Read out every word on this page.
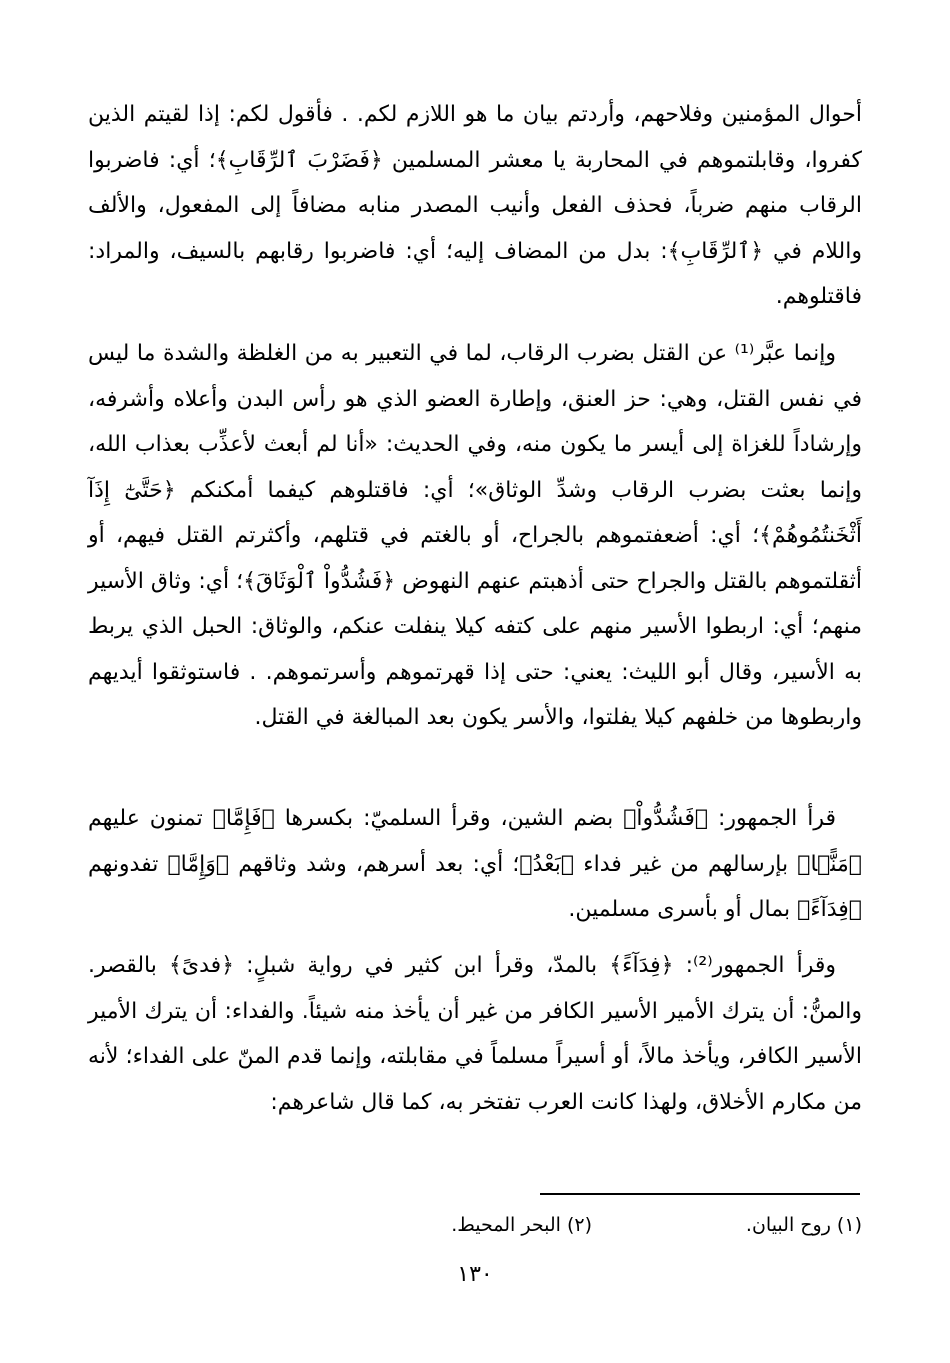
أحوال المؤمنين وفلاحهم، وأردتم بيان ما هو اللازم لكم. . فأقول لكم: إذا لقيتم الذين كفروا، وقابلتموهم في المحاربة يا معشر المسلمين ﴿فَضَرْبَ ٱلرِّقَابِ﴾؛ أي: فاضربوا الرقاب منهم ضرباً، فحذف الفعل وأنيب المصدر منابه مضافاً إلى المفعول، والألف واللام في ﴿ٱلرِّقَابِ﴾: بدل من المضاف إليه؛ أي: فاضربوا رقابهم بالسيف، والمراد: فاقتلوهم.

وإنما عبَّر⁽¹⁾ عن القتل بضرب الرقاب، لما في التعبير به من الغلظة والشدة ما ليس في نفس القتل، وهي: حز العنق، وإطارة العضو الذي هو رأس البدن وأعلاه وأشرفه، وإرشاداً للغزاة إلى أيسر ما يكون منه، وفي الحديث: «أنا لم أبعث لأعذِّب بعذاب الله، وإنما بعثت بضرب الرقاب وشدِّ الوثاق»؛ أي: فاقتلوهم كيفما أمكنكم ﴿حَتَّىٰٓ إِذَآ أَثْخَنتُمُوهُمْ﴾؛ أي: أضعفتموهم بالجراح، أو بالغتم في قتلهم، وأكثرتم القتل فيهم، أو أثقلتموهم بالقتل والجراح حتى أذهبتم عنهم النهوض ﴿فَشُدُّواْ ٱلْوَثَاقَ﴾؛ أي: وثاق الأسير منهم؛ أي: اربطوا الأسير منهم على كتفه كيلا ينفلت عنكم، والوثاق: الحبل الذي يربط به الأسير، وقال أبو الليث: يعني: حتى إذا قهرتموهم وأسرتموهم. . فاستوثقوا أيديهم واربطوها من خلفهم كيلا يفلتوا، والأسر يكون بعد المبالغة في القتل.

قرأ الجمهور: ﴿فَشُدُّواْ﴾ بضم الشين، وقرأ السلميّ: بكسرها ﴿فَإِمَّا﴾ تمنون عليهم ﴿مَنًّۢا﴾ بإرسالهم من غير فداء ﴿بَعْدُ﴾؛ أي: بعد أسرهم، وشد وثاقهم ﴿وَإِمَّا﴾ تفدونهم ﴿فِدَآءً﴾ بمال أو بأسرى مسلمين.

وقرأ الجمهور⁽²⁾: ﴿فِدَآءً﴾ بالمدّ، وقرأ ابن كثير في رواية شبلٍ: ﴿فدىً﴾ بالقصر. والمنُّ: أن يترك الأمير الأسير الكافر من غير أن يأخذ منه شيئاً. والفداء: أن يترك الأمير الأسير الكافر، ويأخذ مالاً، أو أسيراً مسلماً في مقابلته، وإنما قدم المنّ على الفداء؛ لأنه من مكارم الأخلاق، ولهذا كانت العرب تفتخر به، كما قال شاعرهم:

(١) روح البيان.
(٢) البحر المحيط.
١٣٠
